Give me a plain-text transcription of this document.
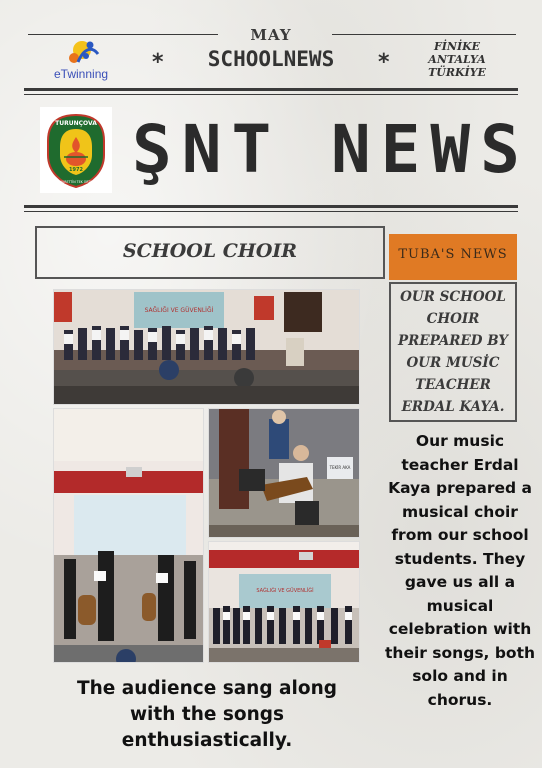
MAY
SCHOOLNEWS
*	*
FİNİKE
ANTALYA
TÜRKİYE
eTwinning
TURUNÇOVA
1972
ŞEHİT NURETTİN TEK ORTAOKULU ŞNT NEWS
SCHOOL CHOIR	TUBA'S NEWS
OUR SCHOOL CHOIR PREPARED BY OUR MUSİC TEACHER ERDAL KAYA.
SAĞLIĞI VE GÜVENLİĞİ
TEKİR AKA
SAĞLIĞI VE GÜVENLİĞİ
The audience sang along with the songs enthusiastically.
Our music teacher Erdal Kaya prepared a musical choir from our school students. They gave us all a musical celebration with their songs, both solo and in chorus.
